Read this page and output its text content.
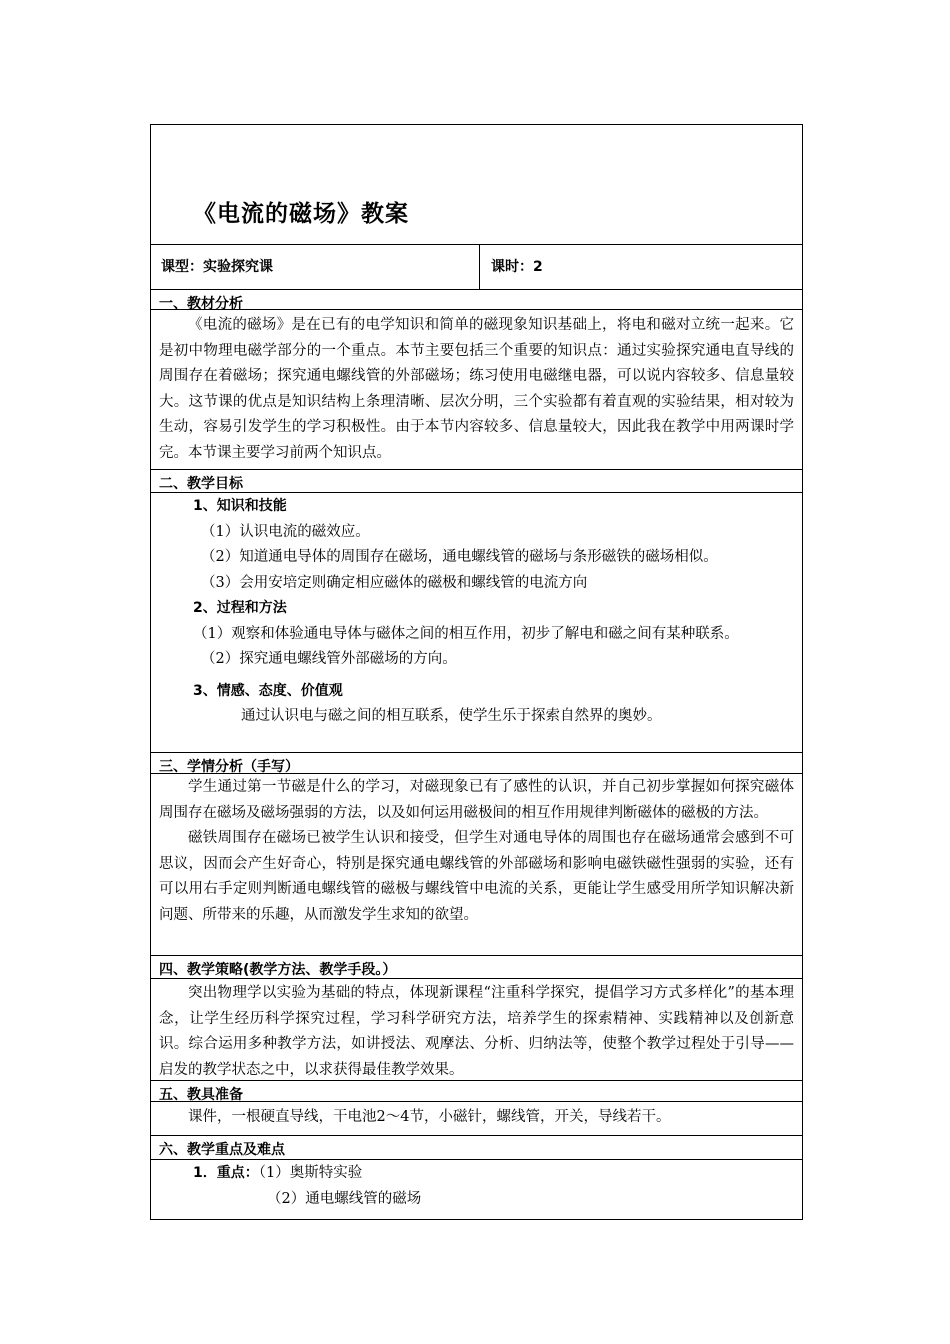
《电流的磁场》教案
课型：实验探究课	课时：2
一、教材分析

《电流的磁场》是在已有的电学知识和简单的磁现象知识基础上，将电和磁对立统一起来。它是初中物理电磁学部分的一个重点。本节主要包括三个重要的知识点：通过实验探究通电直导线的周围存在着磁场；探究通电螺线管的外部磁场；练习使用电磁继电器，可以说内容较多、信息量较大。这节课的优点是知识结构上条理清晰、层次分明，三个实验都有着直观的实验结果，相对较为生动，容易引发学生的学习积极性。由于本节内容较多、信息量较大，因此我在教学中用两课时学完。本节课主要学习前两个知识点。

二、教学目标
1、知识和技能
（1）认识电流的磁效应。
（2）知道通电导体的周围存在磁场，通电螺线管的磁场与条形磁铁的磁场相似。
（3）会用安培定则确定相应磁体的磁极和螺线管的电流方向
2、过程和方法
（1）观察和体验通电导体与磁体之间的相互作用，初步了解电和磁之间有某种联系。
（2）探究通电螺线管外部磁场的方向。
3、情感、态度、价值观
通过认识电与磁之间的相互联系，使学生乐于探索自然界的奥妙。
三、学情分析（手写）

学生通过第一节磁是什么的学习，对磁现象已有了感性的认识，并自己初步掌握如何探究磁体周围存在磁场及磁场强弱的方法，以及如何运用磁极间的相互作用规律判断磁体的磁极的方法。

磁铁周围存在磁场已被学生认识和接受，但学生对通电导体的周围也存在磁场通常会感到不可思议，因而会产生好奇心，特别是探究通电螺线管的外部磁场和影响电磁铁磁性强弱的实验，还有可以用右手定则判断通电螺线管的磁极与螺线管中电流的关系，更能让学生感受用所学知识解决新问题、所带来的乐趣，从而激发学生求知的欲望。

四、教学策略(教学方法、教学手段。）

突出物理学以实验为基础的特点，体现新课程“注重科学探究，提倡学习方式多样化”的基本理念，让学生经历科学探究过程，学习科学研究方法，培养学生的探索精神、实践精神以及创新意识。综合运用多种教学方法，如讲授法、观摩法、分析、归纳法等，使整个教学过程处于引导——启发的教学状态之中，以求获得最佳教学效果。

五、教具准备

课件，一根硬直导线，干电池2～4节，小磁针，螺线管，开关，导线若干。

六、教学重点及难点
1．重点：（1）奥斯特实验
（2）通电螺线管的磁场
